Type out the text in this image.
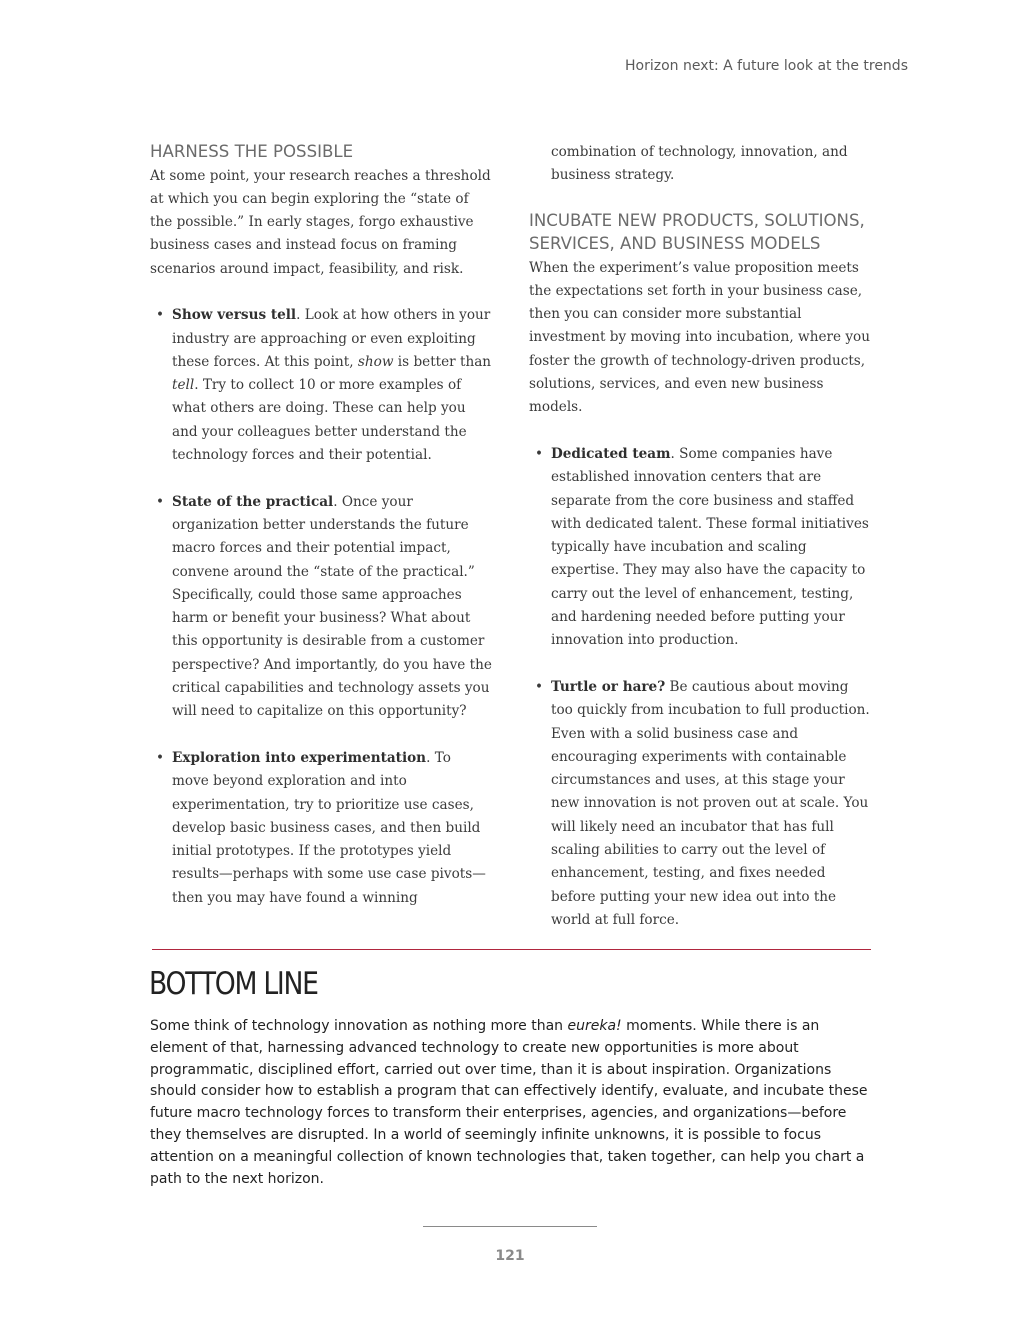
Horizon next: A future look at the trends
HARNESS THE POSSIBLE

At some point, your research reaches a threshold at which you can begin exploring the “state of the possible.” In early stages, forgo exhaustive business cases and instead focus on framing scenarios around impact, feasibility, and risk.

• Show versus tell. Look at how others in your industry are approaching or even exploiting these forces. At this point, show is better than tell. Try to collect 10 or more examples of what others are doing. These can help you and your colleagues better understand the technology forces and their potential.
• State of the practical. Once your organization better understands the future macro forces and their potential impact, convene around the “state of the practical.” Specifically, could those same approaches harm or benefit your business? What about this opportunity is desirable from a customer perspective? And importantly, do you have the critical capabilities and technology assets you will need to capitalize on this opportunity?
• Exploration into experimentation. To move beyond exploration and into experimentation, try to prioritize use cases, develop basic business cases, and then build initial prototypes. If the prototypes yield results—perhaps with some use case pivots—then you may have found a winning

combination of technology, innovation, and business strategy.

INCUBATE NEW PRODUCTS, SOLUTIONS, SERVICES, AND BUSINESS MODELS

When the experiment’s value proposition meets the expectations set forth in your business case, then you can consider more substantial investment by moving into incubation, where you foster the growth of technology-driven products, solutions, services, and even new business models.

• Dedicated team. Some companies have established innovation centers that are separate from the core business and staffed with dedicated talent. These formal initiatives typically have incubation and scaling expertise. They may also have the capacity to carry out the level of enhancement, testing, and hardening needed before putting your innovation into production.
• Turtle or hare? Be cautious about moving too quickly from incubation to full production. Even with a solid business case and encouraging experiments with containable circumstances and uses, at this stage your new innovation is not proven out at scale. You will likely need an incubator that has full scaling abilities to carry out the level of enhancement, testing, and fixes needed before putting your new idea out into the world at full force.
BOTTOM LINE

Some think of technology innovation as nothing more than eureka! moments. While there is an element of that, harnessing advanced technology to create new opportunities is more about programmatic, disciplined effort, carried out over time, than it is about inspiration. Organizations should consider how to establish a program that can effectively identify, evaluate, and incubate these future macro technology forces to transform their enterprises, agencies, and organizations—before they themselves are disrupted. In a world of seemingly infinite unknowns, it is possible to focus attention on a meaningful collection of known technologies that, taken together, can help you chart a path to the next horizon.

121
